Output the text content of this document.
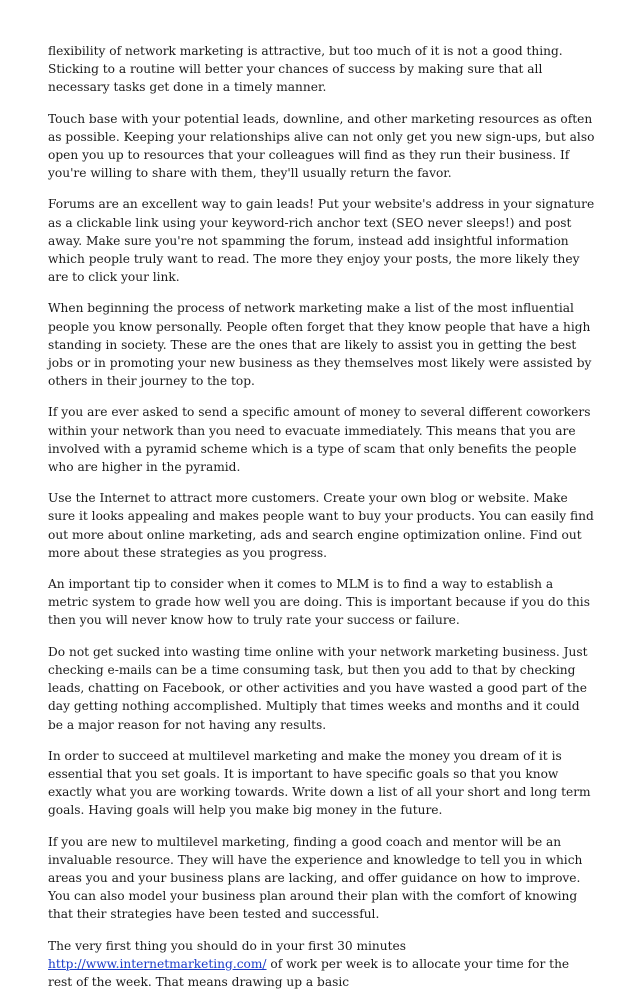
flexibility of network marketing is attractive, but too much of it is not a good thing. Sticking to a routine will better your chances of success by making sure that all necessary tasks get done in a timely manner.

Touch base with your potential leads, downline, and other marketing resources as often as possible. Keeping your relationships alive can not only get you new sign-ups, but also open you up to resources that your colleagues will find as they run their business. If you're willing to share with them, they'll usually return the favor.

Forums are an excellent way to gain leads! Put your website's address in your signature as a clickable link using your keyword-rich anchor text (SEO never sleeps!) and post away. Make sure you're not spamming the forum, instead add insightful information which people truly want to read. The more they enjoy your posts, the more likely they are to click your link.

When beginning the process of network marketing make a list of the most influential people you know personally. People often forget that they know people that have a high standing in society. These are the ones that are likely to assist you in getting the best jobs or in promoting your new business as they themselves most likely were assisted by others in their journey to the top.

If you are ever asked to send a specific amount of money to several different coworkers within your network than you need to evacuate immediately. This means that you are involved with a pyramid scheme which is a type of scam that only benefits the people who are higher in the pyramid.

Use the Internet to attract more customers. Create your own blog or website. Make sure it looks appealing and makes people want to buy your products. You can easily find out more about online marketing, ads and search engine optimization online. Find out more about these strategies as you progress.

An important tip to consider when it comes to MLM is to find a way to establish a metric system to grade how well you are doing. This is important because if you do this then you will never know how to truly rate your success or failure.

Do not get sucked into wasting time online with your network marketing business. Just checking e-mails can be a time consuming task, but then you add to that by checking leads, chatting on Facebook, or other activities and you have wasted a good part of the day getting nothing accomplished. Multiply that times weeks and months and it could be a major reason for not having any results.

In order to succeed at multilevel marketing and make the money you dream of it is essential that you set goals. It is important to have specific goals so that you know exactly what you are working towards. Write down a list of all your short and long term goals. Having goals will help you make big money in the future.

If you are new to multilevel marketing, finding a good coach and mentor will be an invaluable resource. They will have the experience and knowledge to tell you in which areas you and your business plans are lacking, and offer guidance on how to improve. You can also model your business plan around their plan with the comfort of knowing that their strategies have been tested and successful.

The very first thing you should do in your first 30 minutes http://www.internetmarketing.com/ of work per week is to allocate your time for the rest of the week. That means drawing up a basic
